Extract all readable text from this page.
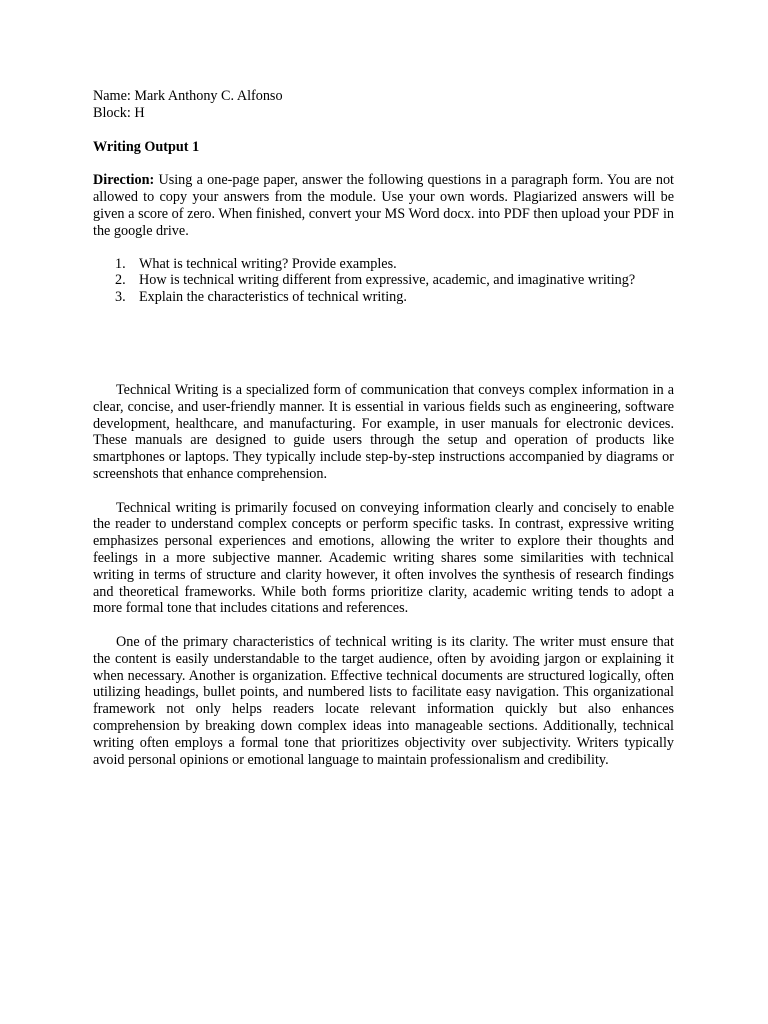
Name: Mark Anthony C. Alfonso
Block: H
Writing Output 1
Direction: Using a one-page paper, answer the following questions in a paragraph form. You are not allowed to copy your answers from the module. Use your own words. Plagiarized answers will be given a score of zero. When finished, convert your MS Word docx. into PDF then upload your PDF in the google drive.
1. What is technical writing? Provide examples.
2. How is technical writing different from expressive, academic, and imaginative writing?
3. Explain the characteristics of technical writing.

Technical Writing is a specialized form of communication that conveys complex information in a clear, concise, and user-friendly manner. It is essential in various fields such as engineering, software development, healthcare, and manufacturing. For example, in user manuals for electronic devices. These manuals are designed to guide users through the setup and operation of products like smartphones or laptops. They typically include step-by-step instructions accompanied by diagrams or screenshots that enhance comprehension.

Technical writing is primarily focused on conveying information clearly and concisely to enable the reader to understand complex concepts or perform specific tasks. In contrast, expressive writing emphasizes personal experiences and emotions, allowing the writer to explore their thoughts and feelings in a more subjective manner. Academic writing shares some similarities with technical writing in terms of structure and clarity however, it often involves the synthesis of research findings and theoretical frameworks. While both forms prioritize clarity, academic writing tends to adopt a more formal tone that includes citations and references.

One of the primary characteristics of technical writing is its clarity. The writer must ensure that the content is easily understandable to the target audience, often by avoiding jargon or explaining it when necessary. Another is organization. Effective technical documents are structured logically, often utilizing headings, bullet points, and numbered lists to facilitate easy navigation. This organizational framework not only helps readers locate relevant information quickly but also enhances comprehension by breaking down complex ideas into manageable sections. Additionally, technical writing often employs a formal tone that prioritizes objectivity over subjectivity. Writers typically avoid personal opinions or emotional language to maintain professionalism and credibility.
